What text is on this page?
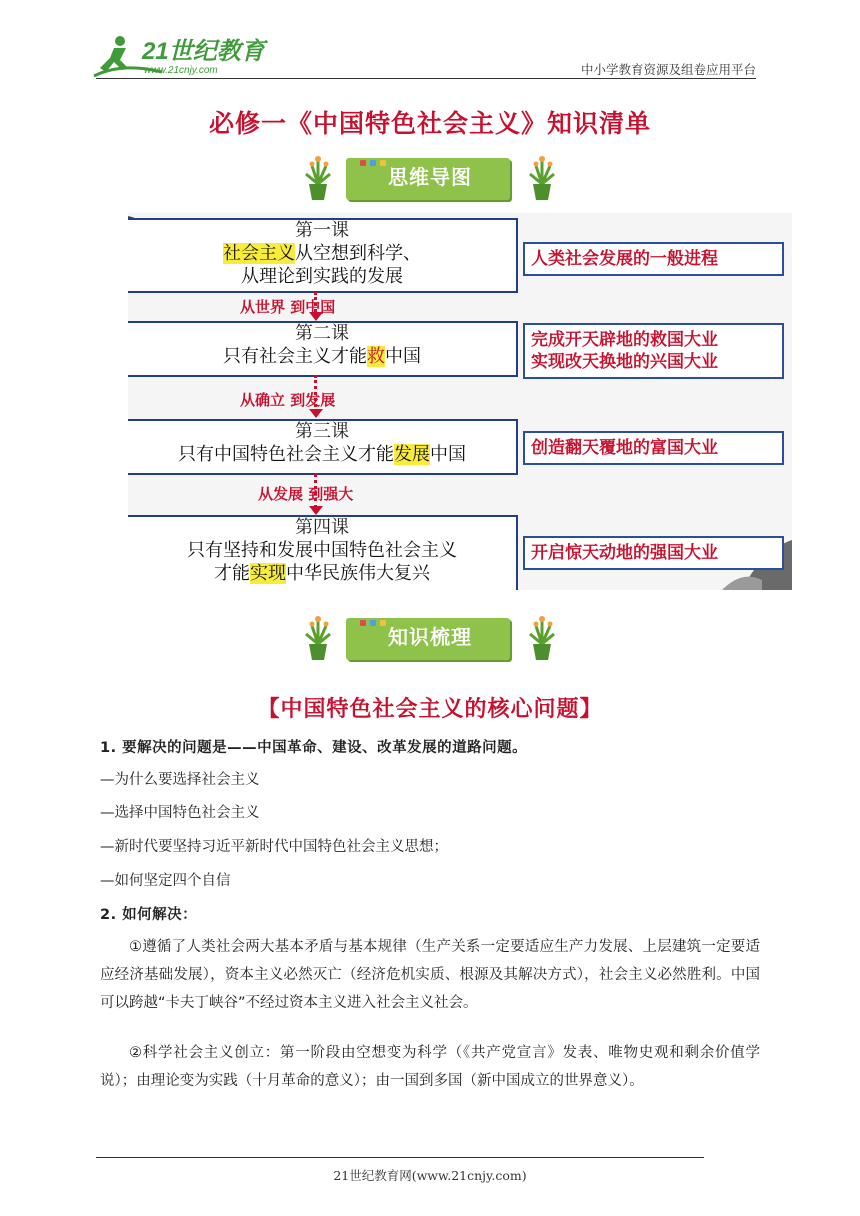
21世纪教育
www.21cnjy.com	中小学教育资源及组卷应用平台
必修一《中国特色社会主义》知识清单
思维导图
第一课
社会主义从空想到科学、
从理论到实践的发展
人类社会发展的一般进程
从世界 到中国
第二课
只有社会主义才能救中国
完成开天辟地的救国大业
实现改天换地的兴国大业
从确立 到发展
第三课
只有中国特色社会主义才能发展中国	创造翻天覆地的富国大业
从发展 到强大
第四课
只有坚持和发展中国特色社会主义
才能实现中华民族伟大复兴
开启惊天动地的强国大业
知识梳理
【中国特色社会主义的核心问题】
1. 要解决的问题是——中国革命、建设、改革发展的道路问题。
—为什么要选择社会主义
—选择中国特色社会主义
—新时代要坚持习近平新时代中国特色社会主义思想；
—如何坚定四个自信
2. 如何解决：
①遵循了人类社会两大基本矛盾与基本规律（生产关系一定要适应生产力发展、上层建筑一定要适应经济基础发展），资本主义必然灭亡（经济危机实质、根源及其解决方式），社会主义必然胜利。中国可以跨越“卡夫丁峡谷”不经过资本主义进入社会主义社会。
②科学社会主义创立：第一阶段由空想变为科学（《共产党宣言》发表、唯物史观和剩余价值学说）；由理论变为实践（十月革命的意义）；由一国到多国（新中国成立的世界意义）。
21世纪教育网(www.21cnjy.com)
